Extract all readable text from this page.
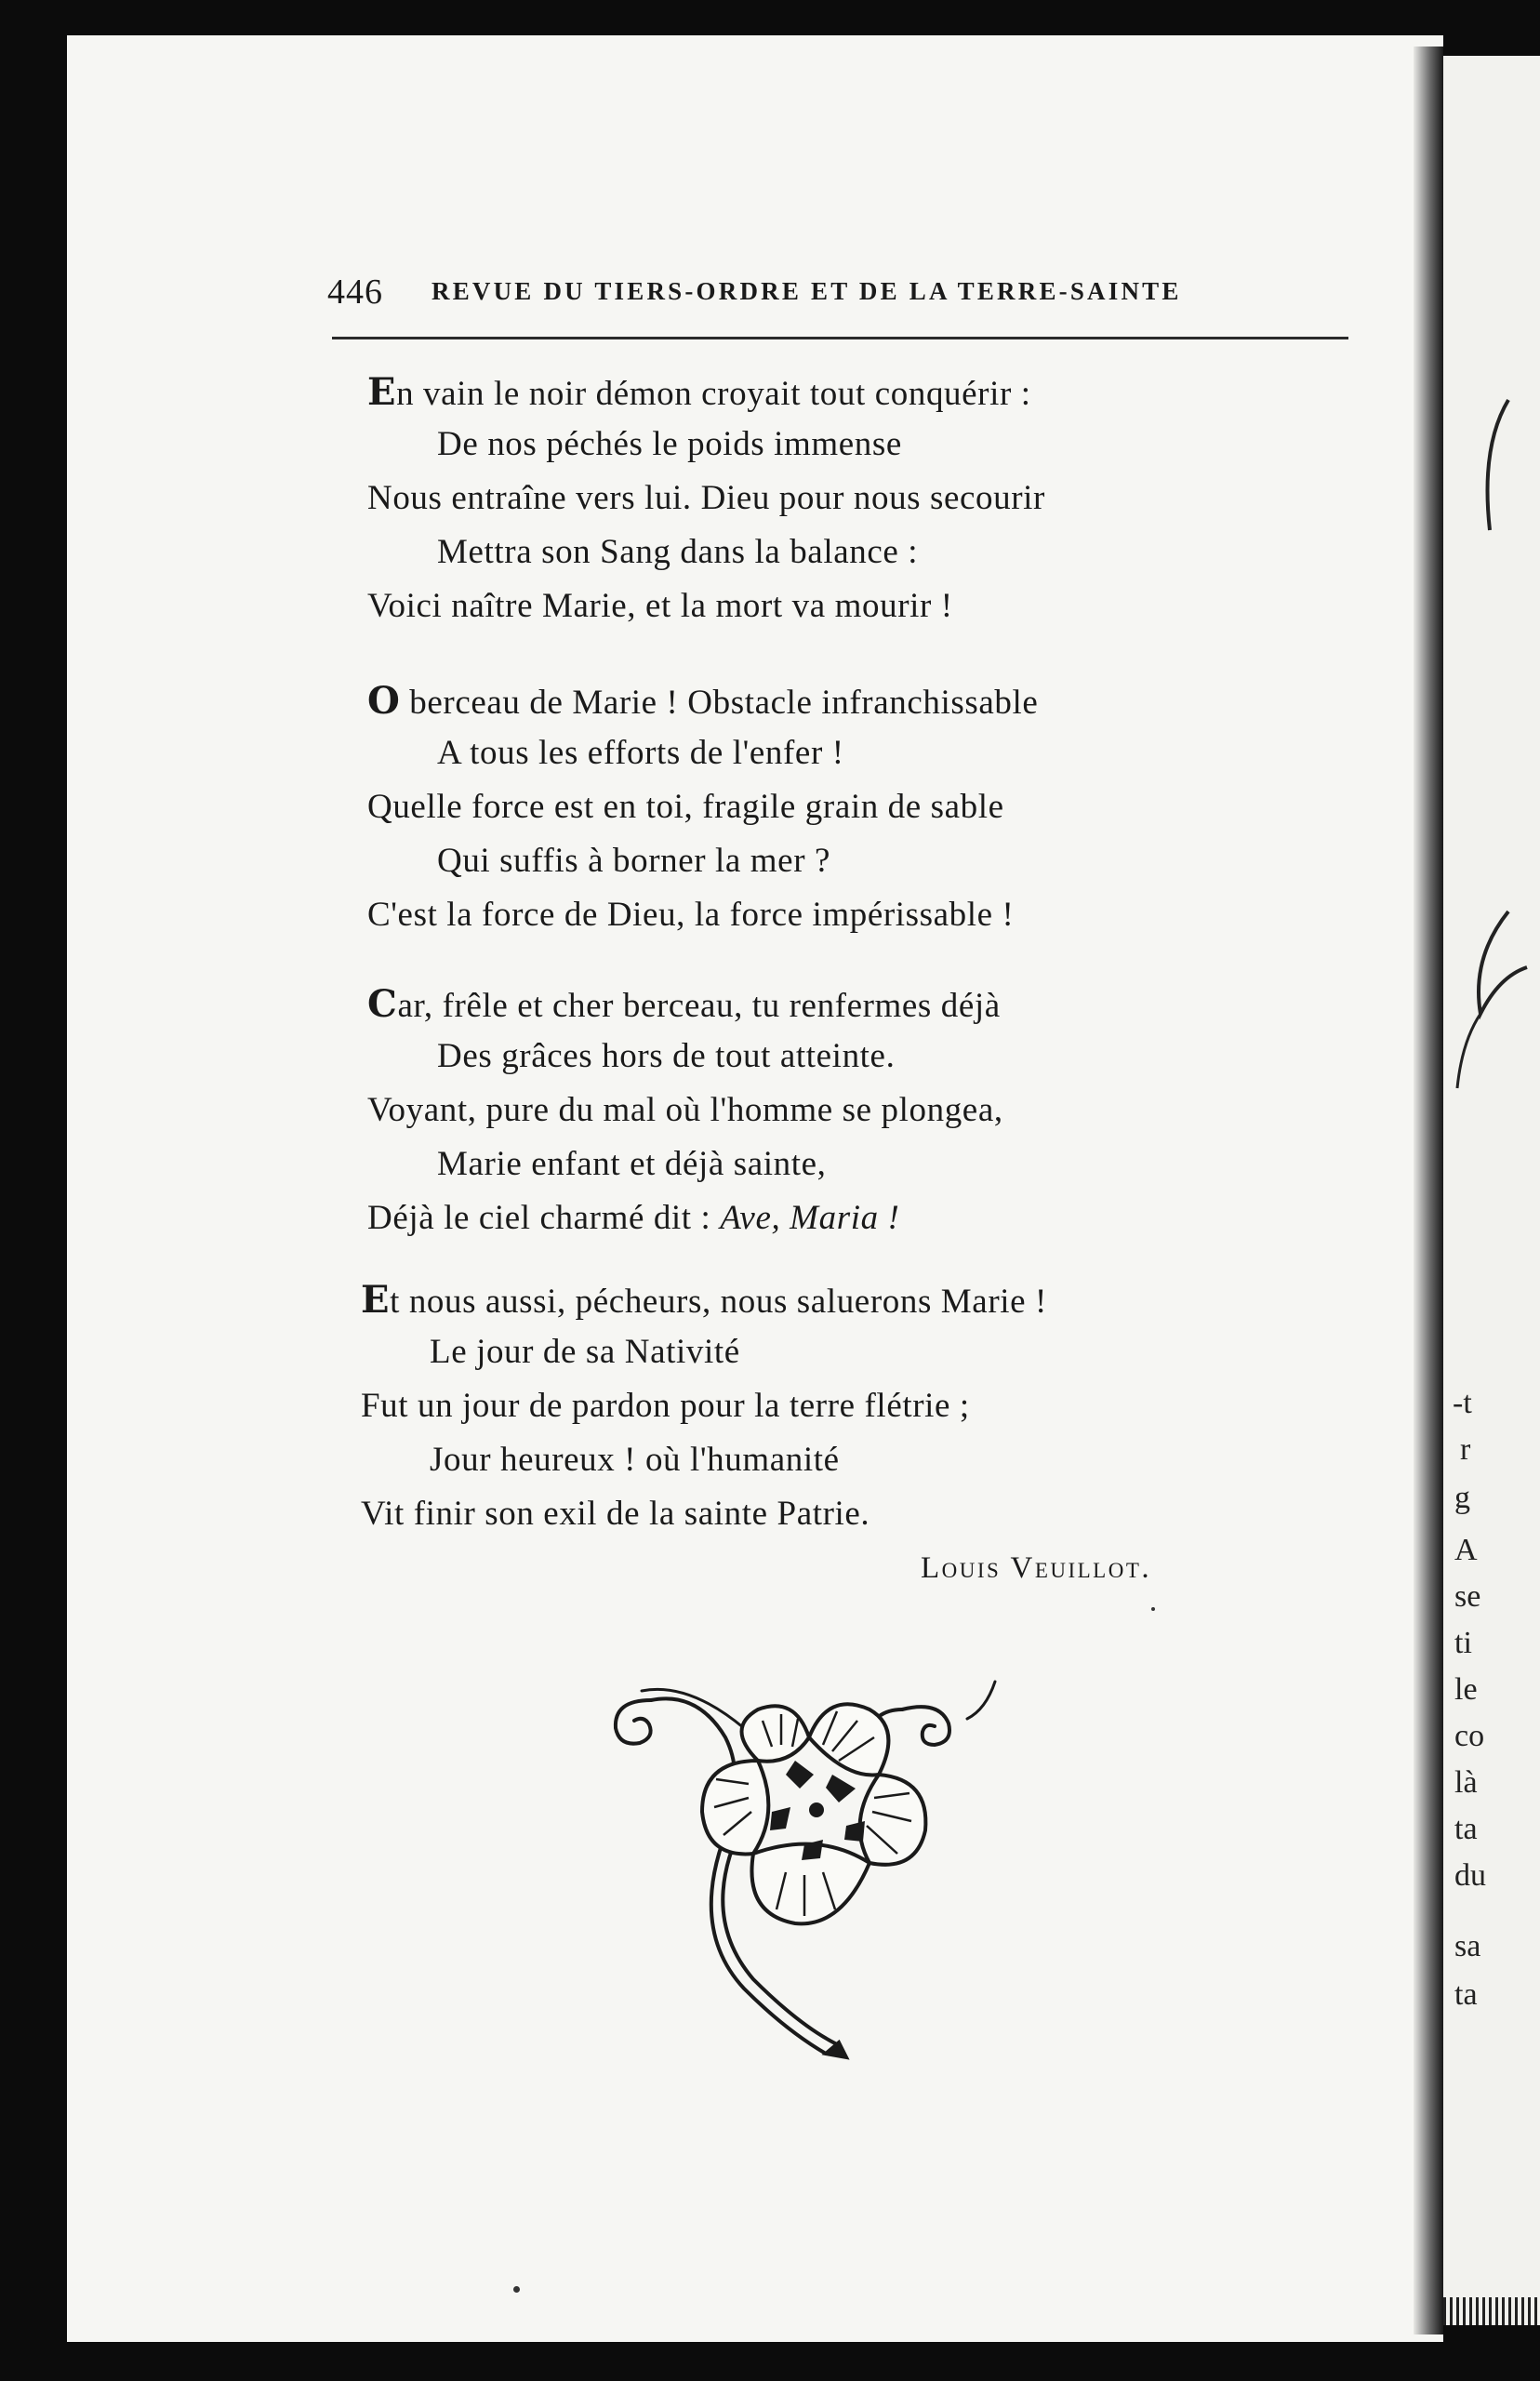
-t
r
g
A
se
ti
le
co
là
ta
du
sa
ta
446 REVUE DU TIERS-ORDRE ET DE LA TERRE-SAINTE
En vain le noir démon croyait tout conquérir :
De nos péchés le poids immense
Nous entraîne vers lui. Dieu pour nous secourir
Mettra son Sang dans la balance :
Voici naître Marie, et la mort va mourir !
O berceau de Marie ! Obstacle infranchissable
A tous les efforts de l'enfer !
Quelle force est en toi, fragile grain de sable
Qui suffis à borner la mer ?
C'est la force de Dieu, la force impérissable !
Car, frêle et cher berceau, tu renfermes déjà
Des grâces hors de tout atteinte.
Voyant, pure du mal où l'homme se plongea,
Marie enfant et déjà sainte,
Déjà le ciel charmé dit : Ave, Maria !
Et nous aussi, pécheurs, nous saluerons Marie !
Le jour de sa Nativité
Fut un jour de pardon pour la terre flétrie ;
Jour heureux ! où l'humanité
Vit finir son exil de la sainte Patrie.
Louis Veuillot.
